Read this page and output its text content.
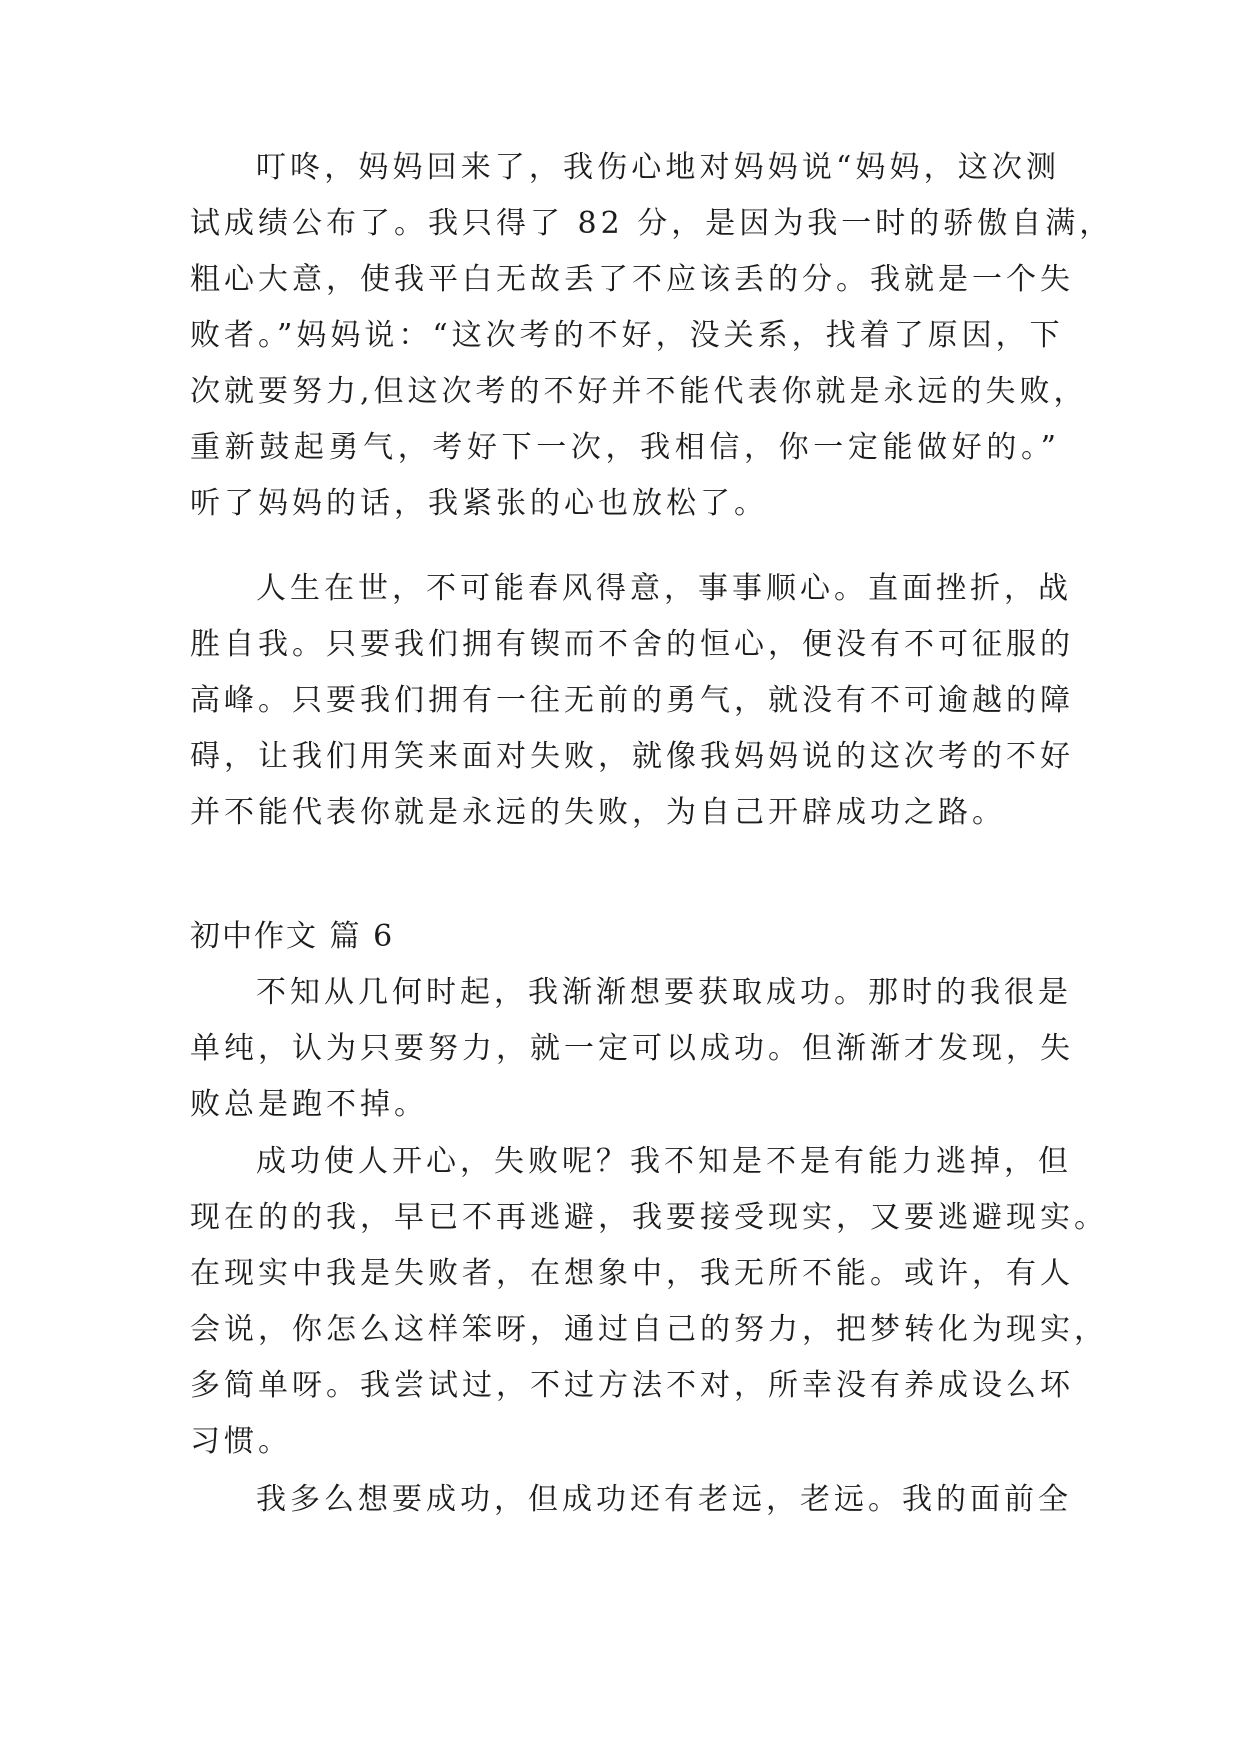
叮咚，妈妈回来了，我伤心地对妈妈说“妈妈，这次测
试成绩公布了。我只得了 82 分，是因为我一时的骄傲自满，
粗心大意，使我平白无故丢了不应该丢的分。我就是一个失
败者。”妈妈说：“这次考的不好，没关系，找着了原因，下
次就要努力,但这次考的不好并不能代表你就是永远的失败，
重新鼓起勇气，考好下一次，我相信，你一定能做好的。”
听了妈妈的话，我紧张的心也放松了。
人生在世，不可能春风得意，事事顺心。直面挫折，战
胜自我。只要我们拥有锲而不舍的恒心，便没有不可征服的
高峰。只要我们拥有一往无前的勇气，就没有不可逾越的障
碍，让我们用笑来面对失败，就像我妈妈说的这次考的不好
并不能代表你就是永远的失败，为自己开辟成功之路。
初中作文 篇 6
不知从几何时起，我渐渐想要获取成功。那时的我很是
单纯，认为只要努力，就一定可以成功。但渐渐才发现，失
败总是跑不掉。
成功使人开心，失败呢？我不知是不是有能力逃掉，但
现在的的我，早已不再逃避，我要接受现实，又要逃避现实。
在现实中我是失败者，在想象中，我无所不能。或许，有人
会说，你怎么这样笨呀，通过自己的努力，把梦转化为现实，
多简单呀。我尝试过，不过方法不对，所幸没有养成设么坏
习惯。
我多么想要成功，但成功还有老远，老远。我的面前全
